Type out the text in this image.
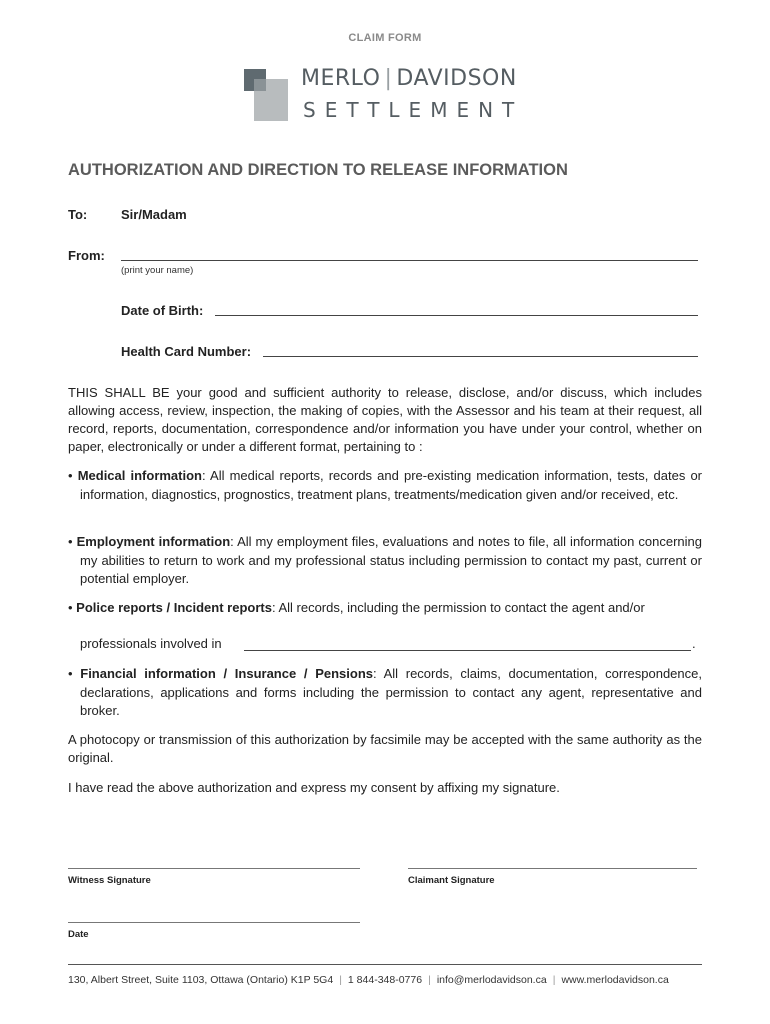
CLAIM FORM
MERLO | DAVIDSON
SETTLEMENT
AUTHORIZATION AND DIRECTION TO RELEASE INFORMATION
To:	Sir/Madam
From:
(print your name)
Date of Birth:
Health Card Number:
THIS SHALL BE your good and sufficient authority to release, disclose, and/or discuss, which includes allowing access, review, inspection, the making of copies, with the Assessor and his team at their request, all record, reports, documentation, correspondence and/or information you have under your control, whether on paper, electronically or under a different format, pertaining to :
• Medical information: All medical reports, records and pre-existing medication information, tests, dates or information, diagnostics, prognostics, treatment plans, treatments/medication given and/or received, etc.
• Employment information: All my employment files, evaluations and notes to file, all information concerning my abilities to return to work and my professional status including permission to contact my past, current or potential employer.
• Police reports / Incident reports: All records, including the permission to contact the agent and/or
professionals involved in	.
• Financial information / Insurance / Pensions: All records, claims, documentation, correspondence, declarations, applications and forms including the permission to contact any agent, representative and broker.
A photocopy or transmission of this authorization by facsimile may be accepted with the same authority as the original.
I have read the above authorization and express my consent by affixing my signature.
Witness Signature	Claimant Signature
Date
130, Albert Street, Suite 1103, Ottawa (Ontario) K1P 5G4 | 1 844-348-0776 | info@merlodavidson.ca | www.merlodavidson.ca
